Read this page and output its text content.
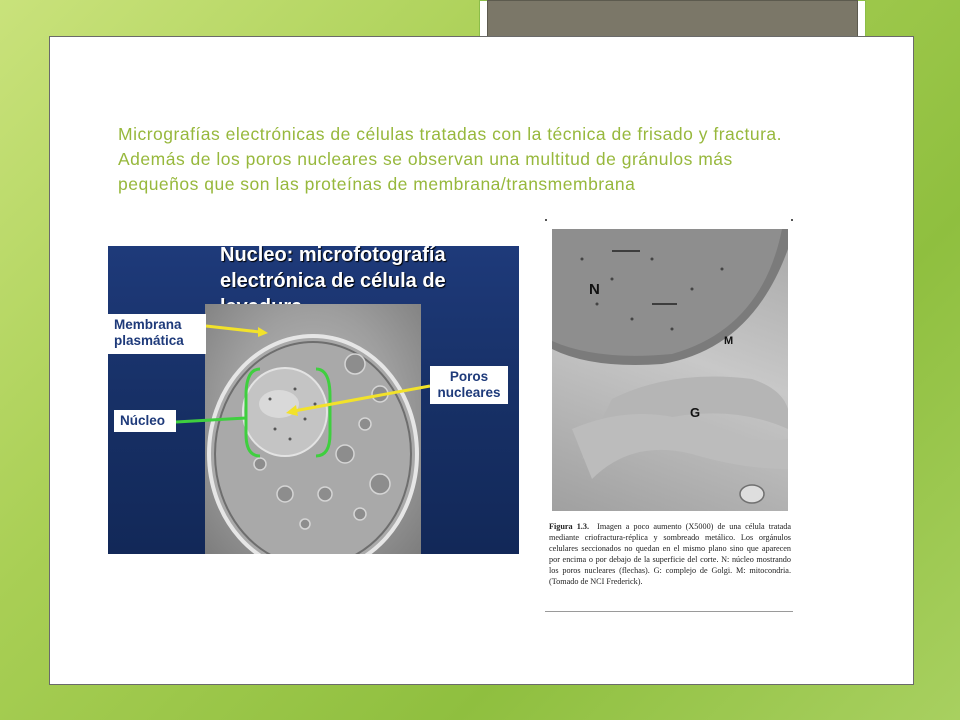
Micrografías electrónicas de células tratadas con la técnica de frisado y fractura. Además de los poros nucleares se observan una multitud de gránulos más pequeños que son las proteínas de membrana/transmembrana

Nucleo: microfotografía electrónica de célula de
Membrana plasmática
Núcleo
Poros nucleares
N
M
G
Figura 1.3. Imagen a poco aumento (X5000) de una célula tratada mediante criofractura-réplica y sombreado metálico. Los orgánulos celulares seccionados no quedan en el mismo plano sino que aparecen por encima o por debajo de la superficie del corte. N: núcleo mostrando los poros nucleares (flechas). G: complejo de Golgi. M: mitocondria. (Tomado de NCI Frederick).
